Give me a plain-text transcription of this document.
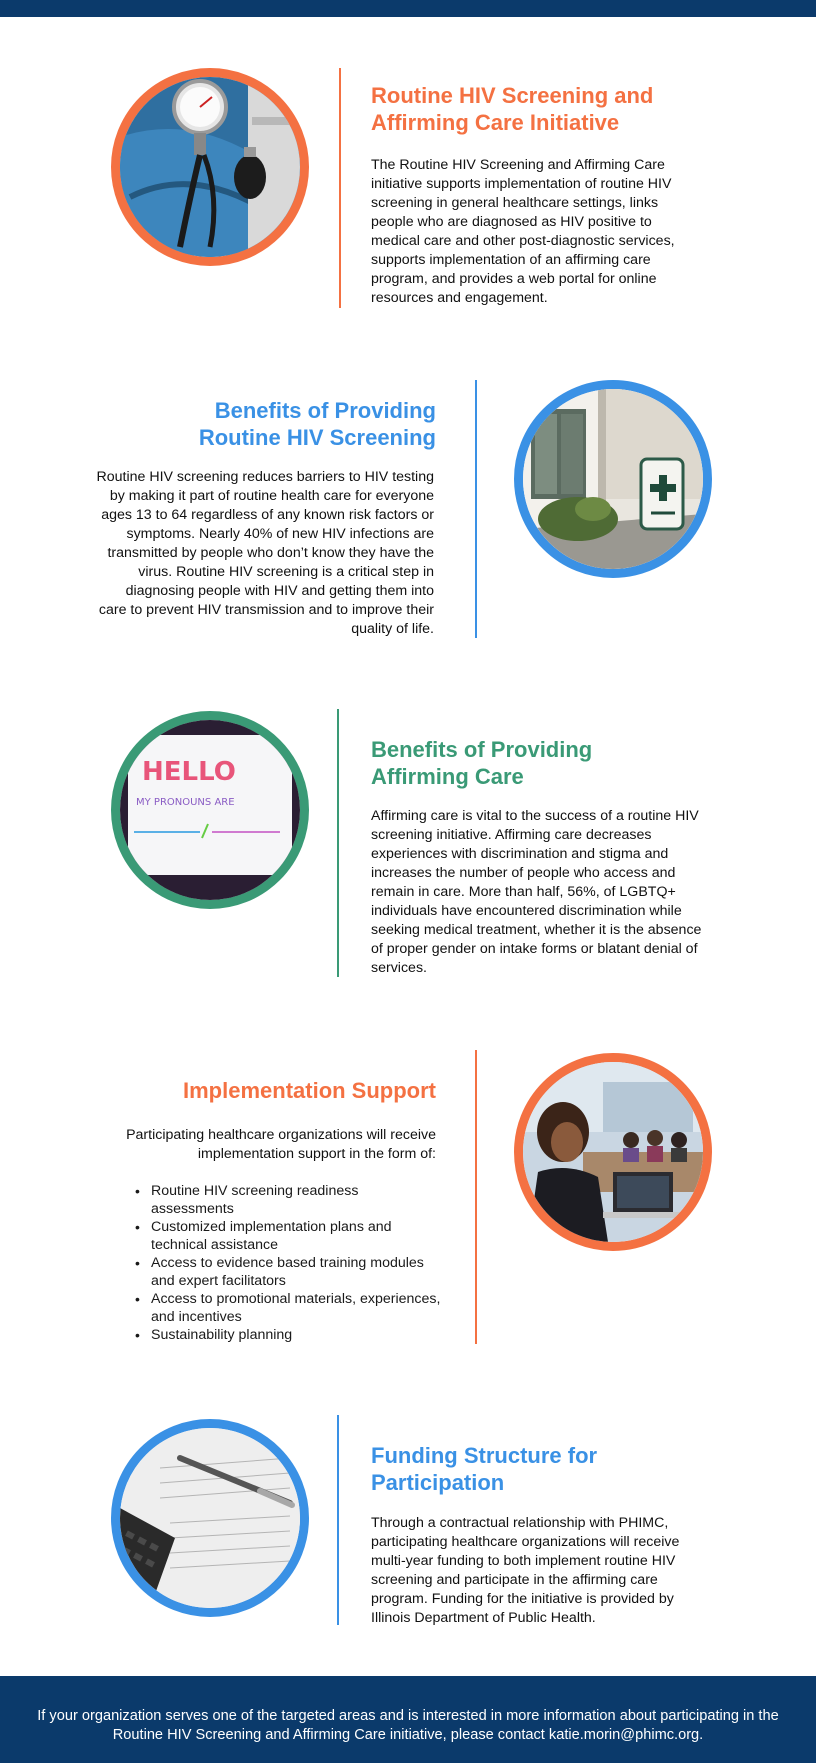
Routine HIV Screening and
Affirming Care Initiative

The Routine HIV Screening and Affirming Care initiative supports implementation of routine HIV screening in general healthcare settings, links people who are diagnosed as HIV positive to medical care and other post-diagnostic services, supports implementation of an affirming care program, and provides a web portal for online resources and engagement.

Benefits of Providing
Routine HIV Screening

Routine HIV screening reduces barriers to HIV testing by making it part of routine health care for everyone ages 13 to 64 regardless of any known risk factors or symptoms. Nearly 40% of new HIV infections are transmitted by people who don’t know they have the virus. Routine HIV screening is a critical step in diagnosing people with HIV and getting them into care to prevent HIV transmission and to improve their quality of life.

HELLO
MY PRONOUNS ARE
Benefits of Providing
Affirming Care

Affirming care is vital to the success of a routine HIV screening initiative. Affirming care decreases experiences with discrimination and stigma and increases the number of people who access and remain in care. More than half, 56%, of LGBTQ+ individuals have encountered discrimination while seeking medical treatment, whether it is the absence of proper gender on intake forms or blatant denial of services.

Implementation Support

Participating healthcare organizations will receive implementation support in the form of:

• Routine HIV screening readiness assessments
• Customized implementation plans and technical assistance
• Access to evidence based training modules and expert facilitators
• Access to promotional materials, experiences, and incentives
• Sustainability planning
Funding Structure for
Participation

Through a contractual relationship with PHIMC, participating healthcare organizations will receive multi-year funding to both implement routine HIV screening and participate in the affirming care program. Funding for the initiative is provided by Illinois Department of Public Health.

If your organization serves one of the targeted areas and is interested in more information about participating in the Routine HIV Screening and Affirming Care initiative, please contact katie.morin@phimc.org.
